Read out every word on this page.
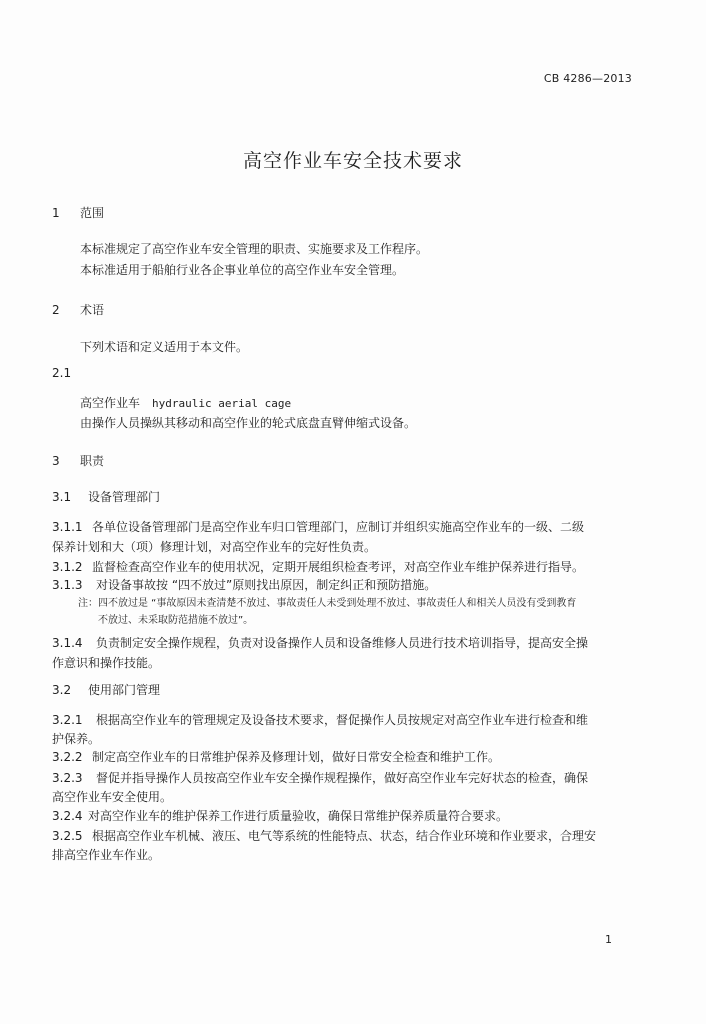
CB 4286—2013
高空作业车安全技术要求
1 范围
本标准规定了高空作业车安全管理的职责、实施要求及工作程序。
本标准适用于船舶行业各企事业单位的高空作业车安全管理。
2 术语
下列术语和定义适用于本文件。
2.1
高空作业车 hydraulic aerial cage
由操作人员操纵其移动和高空作业的轮式底盘直臂伸缩式设备。
3 职责
3.1 设备管理部门
3.1.1 各单位设备管理部门是高空作业车归口管理部门，应制订并组织实施高空作业车的一级、二级
保养计划和大（项）修理计划，对高空作业车的完好性负责。
3.1.2 监督检查高空作业车的使用状况，定期开展组织检查考评，对高空作业车维护保养进行指导。
3.1.3 对设备事故按 “四不放过”原则找出原因，制定纠正和预防措施。
注：四不放过是 “事故原因未查清楚不放过、事故责任人未受到处理不放过、事故责任人和相关人员没有受到教育
不放过、未采取防范措施不放过”。
3.1.4 负责制定安全操作规程，负责对设备操作人员和设备维修人员进行技术培训指导，提高安全操
作意识和操作技能。
3.2 使用部门管理
3.2.1 根据高空作业车的管理规定及设备技术要求，督促操作人员按规定对高空作业车进行检查和维
护保养。
3.2.2 制定高空作业车的日常维护保养及修理计划，做好日常安全检查和维护工作。
3.2.3 督促并指导操作人员按高空作业车安全操作规程操作，做好高空作业车完好状态的检查，确保
高空作业车安全使用。
3.2.4 对高空作业车的维护保养工作进行质量验收，确保日常维护保养质量符合要求。
3.2.5 根据高空作业车机械、液压、电气等系统的性能特点、状态，结合作业环境和作业要求，合理安
排高空作业车作业。
1
